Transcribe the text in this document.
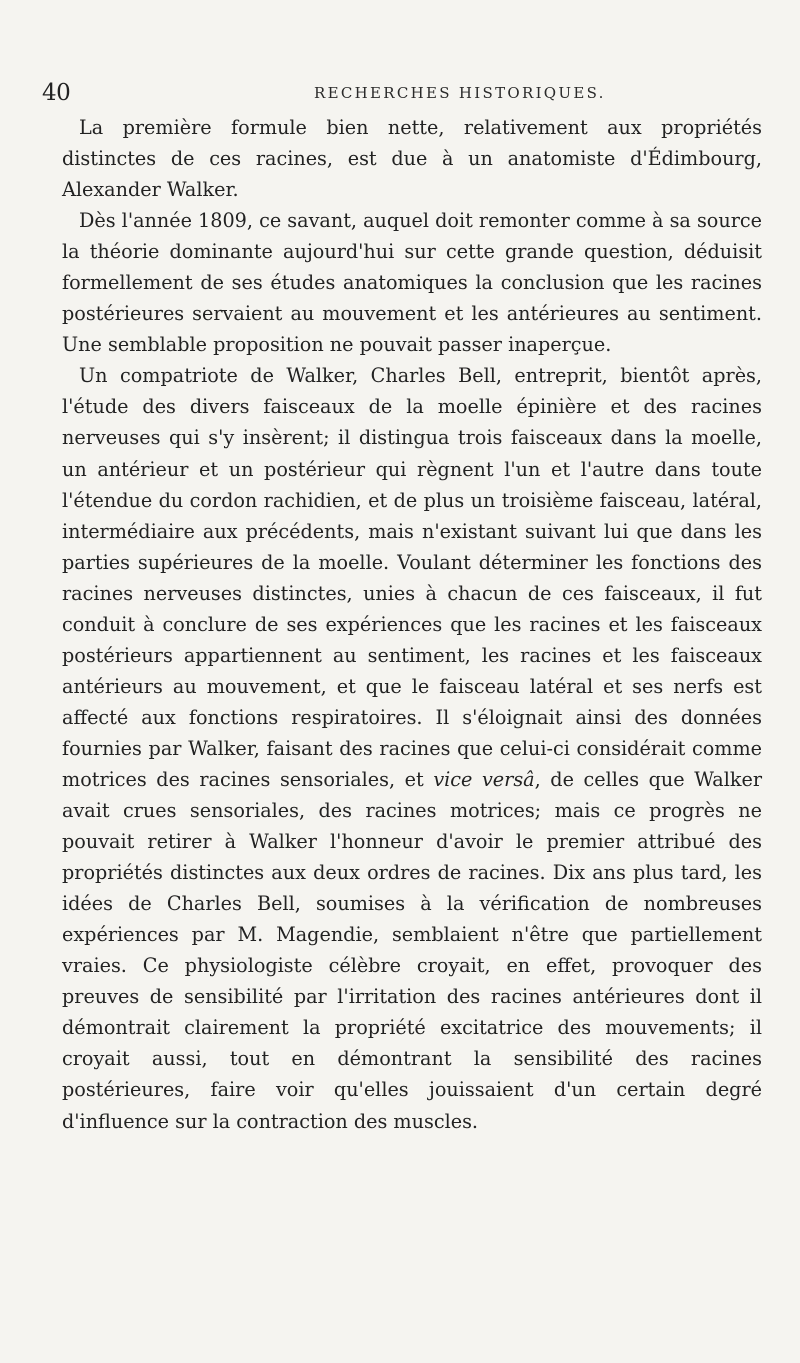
40	RECHERCHES HISTORIQUES.

La première formule bien nette, relativement aux propriétés distinctes de ces racines, est due à un anatomiste d'Édimbourg, Alexander Walker.

Dès l'année 1809, ce savant, auquel doit remonter comme à sa source la théorie dominante aujourd'hui sur cette grande question, déduisit formellement de ses études anatomiques la conclusion que les racines postérieures servaient au mouvement et les antérieures au sentiment. Une semblable proposition ne pouvait passer inaperçue.

Un compatriote de Walker, Charles Bell, entreprit, bientôt après, l'étude des divers faisceaux de la moelle épinière et des racines nerveuses qui s'y insèrent; il distingua trois faisceaux dans la moelle, un antérieur et un postérieur qui règnent l'un et l'autre dans toute l'étendue du cordon rachidien, et de plus un troisième faisceau, latéral, intermédiaire aux précédents, mais n'existant suivant lui que dans les parties supérieures de la moelle. Voulant déterminer les fonctions des racines nerveuses distinctes, unies à chacun de ces faisceaux, il fut conduit à conclure de ses expériences que les racines et les faisceaux postérieurs appartiennent au sentiment, les racines et les faisceaux antérieurs au mouvement, et que le faisceau latéral et ses nerfs est affecté aux fonctions respiratoires. Il s'éloignait ainsi des données fournies par Walker, faisant des racines que celui-ci considérait comme motrices des racines sensoriales, et vice versâ, de celles que Walker avait crues sensoriales, des racines motrices; mais ce progrès ne pouvait retirer à Walker l'honneur d'avoir le premier attribué des propriétés distinctes aux deux ordres de racines. Dix ans plus tard, les idées de Charles Bell, soumises à la vérification de nombreuses expériences par M. Magendie, semblaient n'être que partiellement vraies. Ce physiologiste célèbre croyait, en effet, provoquer des preuves de sensibilité par l'irritation des racines antérieures dont il démontrait clairement la propriété excitatrice des mouvements; il croyait aussi, tout en démontrant la sensibilité des racines postérieures, faire voir qu'elles jouissaient d'un certain degré d'influence sur la contraction des muscles.
